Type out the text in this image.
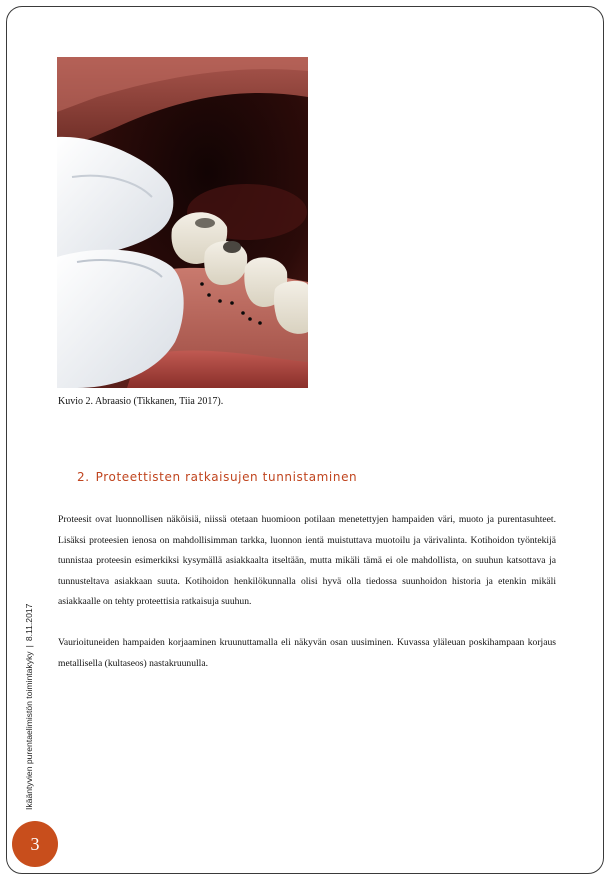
Kuvio 2. Abraasio (Tikkanen, Tiia 2017).
2. Proteettisten ratkaisujen tunnistaminen

Proteesit ovat luonnollisen näköisiä, niissä otetaan huomioon potilaan menetettyjen hampaiden väri, muoto ja purentasuhteet. Lisäksi proteesien ienosa on mahdollisimman tarkka, luonnon ientä muistuttava muotoilu ja värivalinta. Kotihoidon työntekijä tunnistaa proteesin esimerkiksi kysymällä asiakkaalta itseltään, mutta mikäli tämä ei ole mahdollista, on suuhun katsottava ja tunnusteltava asiakkaan suuta. Kotihoidon henkilökunnalla olisi hyvä olla tiedossa suunhoidon historia ja etenkin mikäli asiakkaalle on tehty proteettisia ratkaisuja suuhun.

Vaurioituneiden hampaiden korjaaminen kruunuttamalla eli näkyvän osan uusiminen. Kuvassa yläleuan poskihampaan korjaus metallisella (kultaseos) nastakruunulla.

Ikääntyvien purentaelimistön toimintakyky|8.11.2017
3
